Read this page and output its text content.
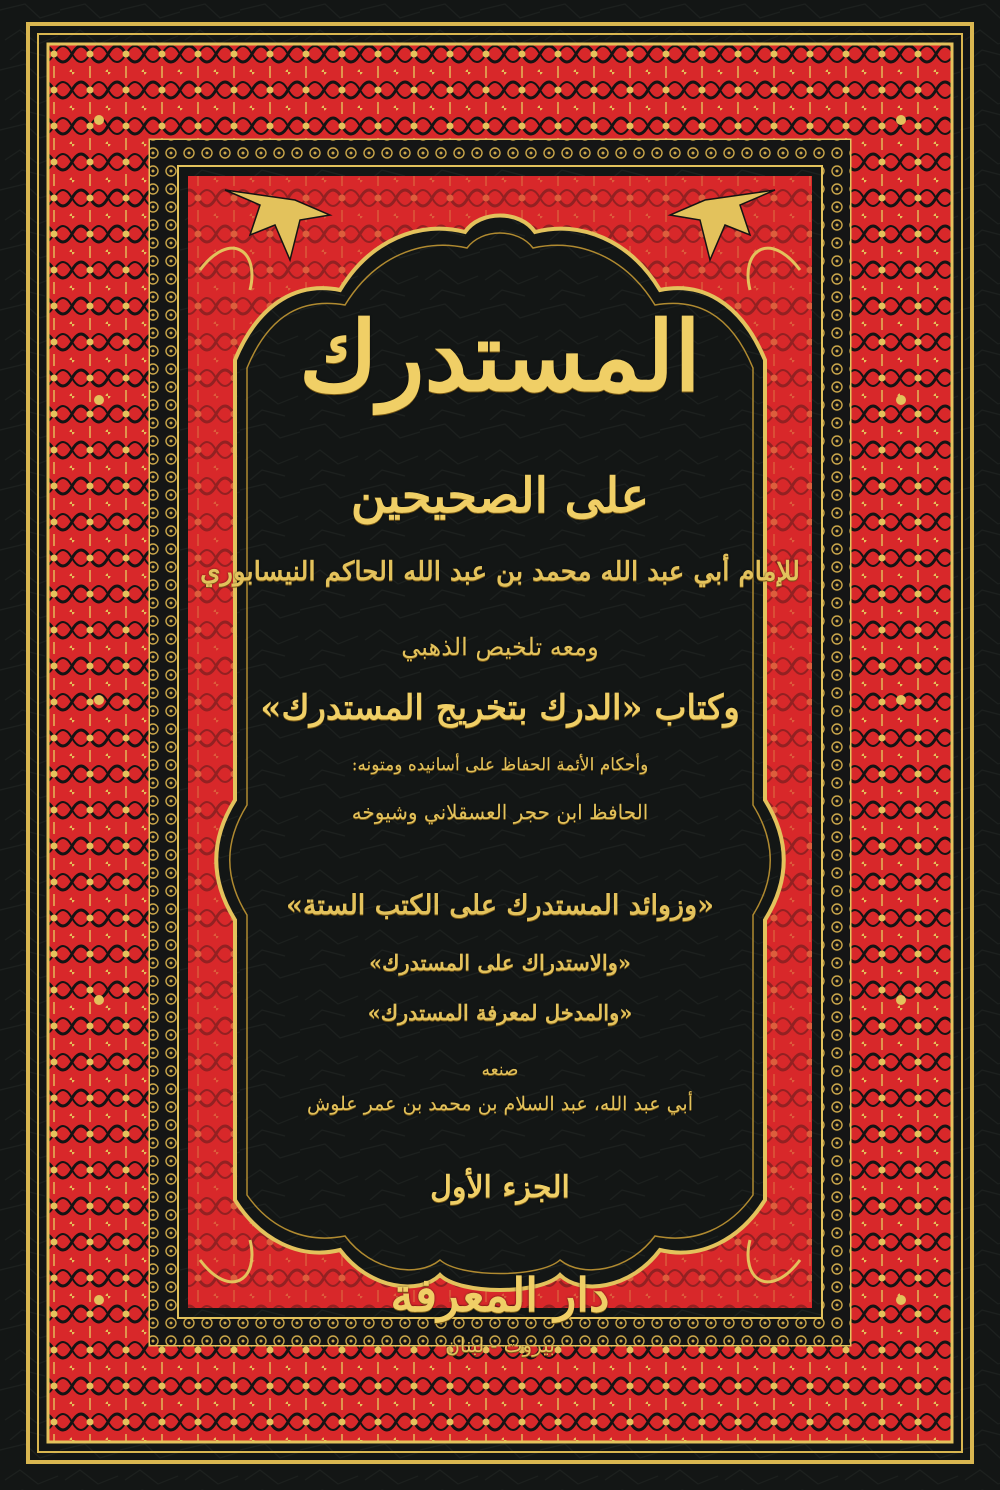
المستدرك
على الصحيحين
للإمام أبي عبد الله محمد بن عبد الله الحاكم النيسابوري
ومعه تلخيص الذهبي
وكتاب «الدرك بتخريج المستدرك»
وأحكام الأئمة الحفاظ على أسانيده ومتونه:
الحافظ ابن حجر العسقلاني وشيوخه
«وزوائد المستدرك على الكتب الستة»
«والاستدراك على المستدرك»
«والمدخل لمعرفة المستدرك»
صنعه
أبي عبد الله، عبد السلام بن محمد بن عمر علوش
الجزء الأول
دار المعرفة
بيروت - لبنان
